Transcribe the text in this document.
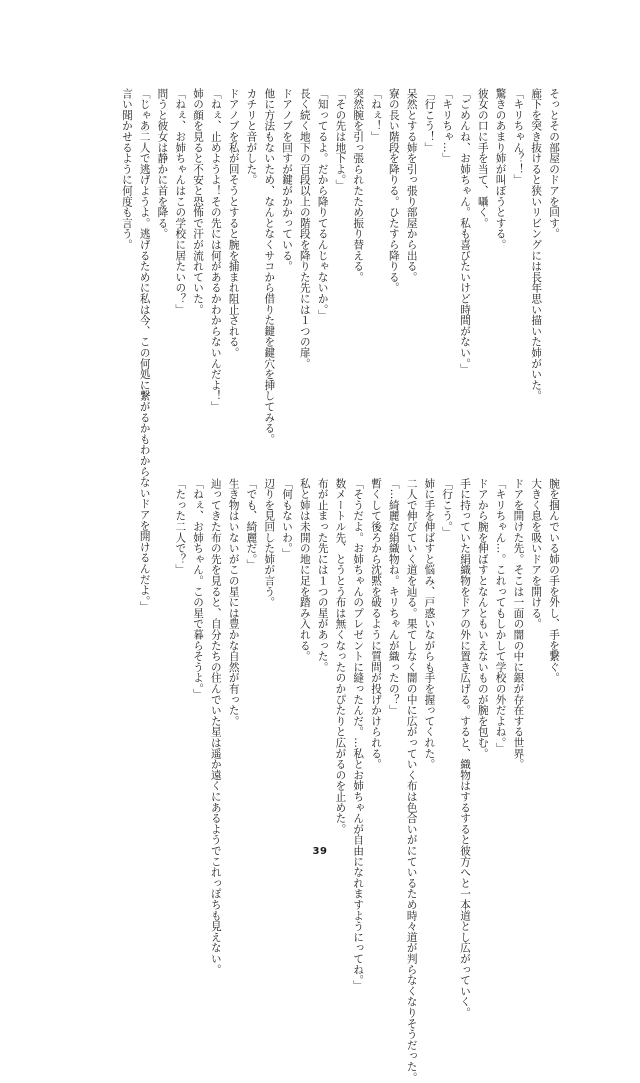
そっとその部屋のドアを回す。
廊下を突き抜けると狭いリビングには長年思い描いた姉がいた。
「キリちゃん？！」
驚きのあまり姉が叫ぼうとする。
彼女の口に手を当て、囁く。
「ごめんね、お姉ちゃん。私も喜びたいけど時間がない。」
「キリちゃ…」
「行こう！」
呆然とする姉を引っ張り部屋から出る。
寮の長い階段を降りる。ひたすら降りる。
「ねぇ！」
突然腕を引っ張られたため振り替える。
「その先は地下よ。」
「知ってるよ。だから降りてるんじゃないか。」
長く続く地下の百段以上の階段を降りた先には１つの扉。
ドアノブを回すが鍵がかかっている。
他に方法もないため、なんとなくサコから借りた鍵を鍵穴を挿してみる。
カチリと音がした。
ドアノブを私が回そうとすると腕を捕まれ阻止される。
「ねぇ、止めようよ！その先には何があるかわからないんだよ！」
姉の顔を見ると不安と恐怖で汗が流れていた。
「ねぇ、お姉ちゃんはこの学校に居たいの？」
問うと彼女は静かに首を降る。
「じゃあ二人で逃げようよ。逃げるために私は今、この何処に繋がるかもわからないドアを開けるんだよ。」
言い聞かせるように何度も言う。
腕を掴んでいる姉の手を外し、手を繋ぐ。
大きく息を吸いドアを開ける。
ドアを開けた先。そこは一面の闇の中に銀が存在する世界。
「キリちゃん…。これってもしかして学校の外だよね。」
ドアから腕を伸ばすとなんともいえないものが腕を包む。
手に持っていた絹織物をドアの外に置き広げる。すると、織物はするすると彼方へと一本道とし広がっていく。
「行こう。」
姉に手を伸ばすと悩み、戸惑いながらも手を握ってくれた。
二人で伸びていく道を辿る。果てしなく闇の中に広がっていく布は色合いがにているため時々道が判らなくなりそうだった。
「…綺麗な絹織物ね。キリちゃんが織ったの？」
暫くして後ろから沈黙を破るように質問が投げかけられる。
「そうだよ。お姉ちゃんのプレゼントに縫ったんだ。…私とお姉ちゃんが自由になれますようにってね。」
数メートル先、とうとう布は無くなったのかぴたりと広がるのを止めた。
布が止まった先には１つの星があった。
私と姉は未開の地に足を踏み入れる。
「何もないわ。」
辺りを見回した姉が言う。
「でも、綺麗だ。」
生き物はいないがこの星には豊かな自然が有った。
辿ってきた布の先を見ると、自分たちの住んでいた星は遥か遠くにあるようでこれっぽちも見えない。
「ねぇ、お姉ちゃん。この星で暮らそうよ。」
「たった二人で？」
39
